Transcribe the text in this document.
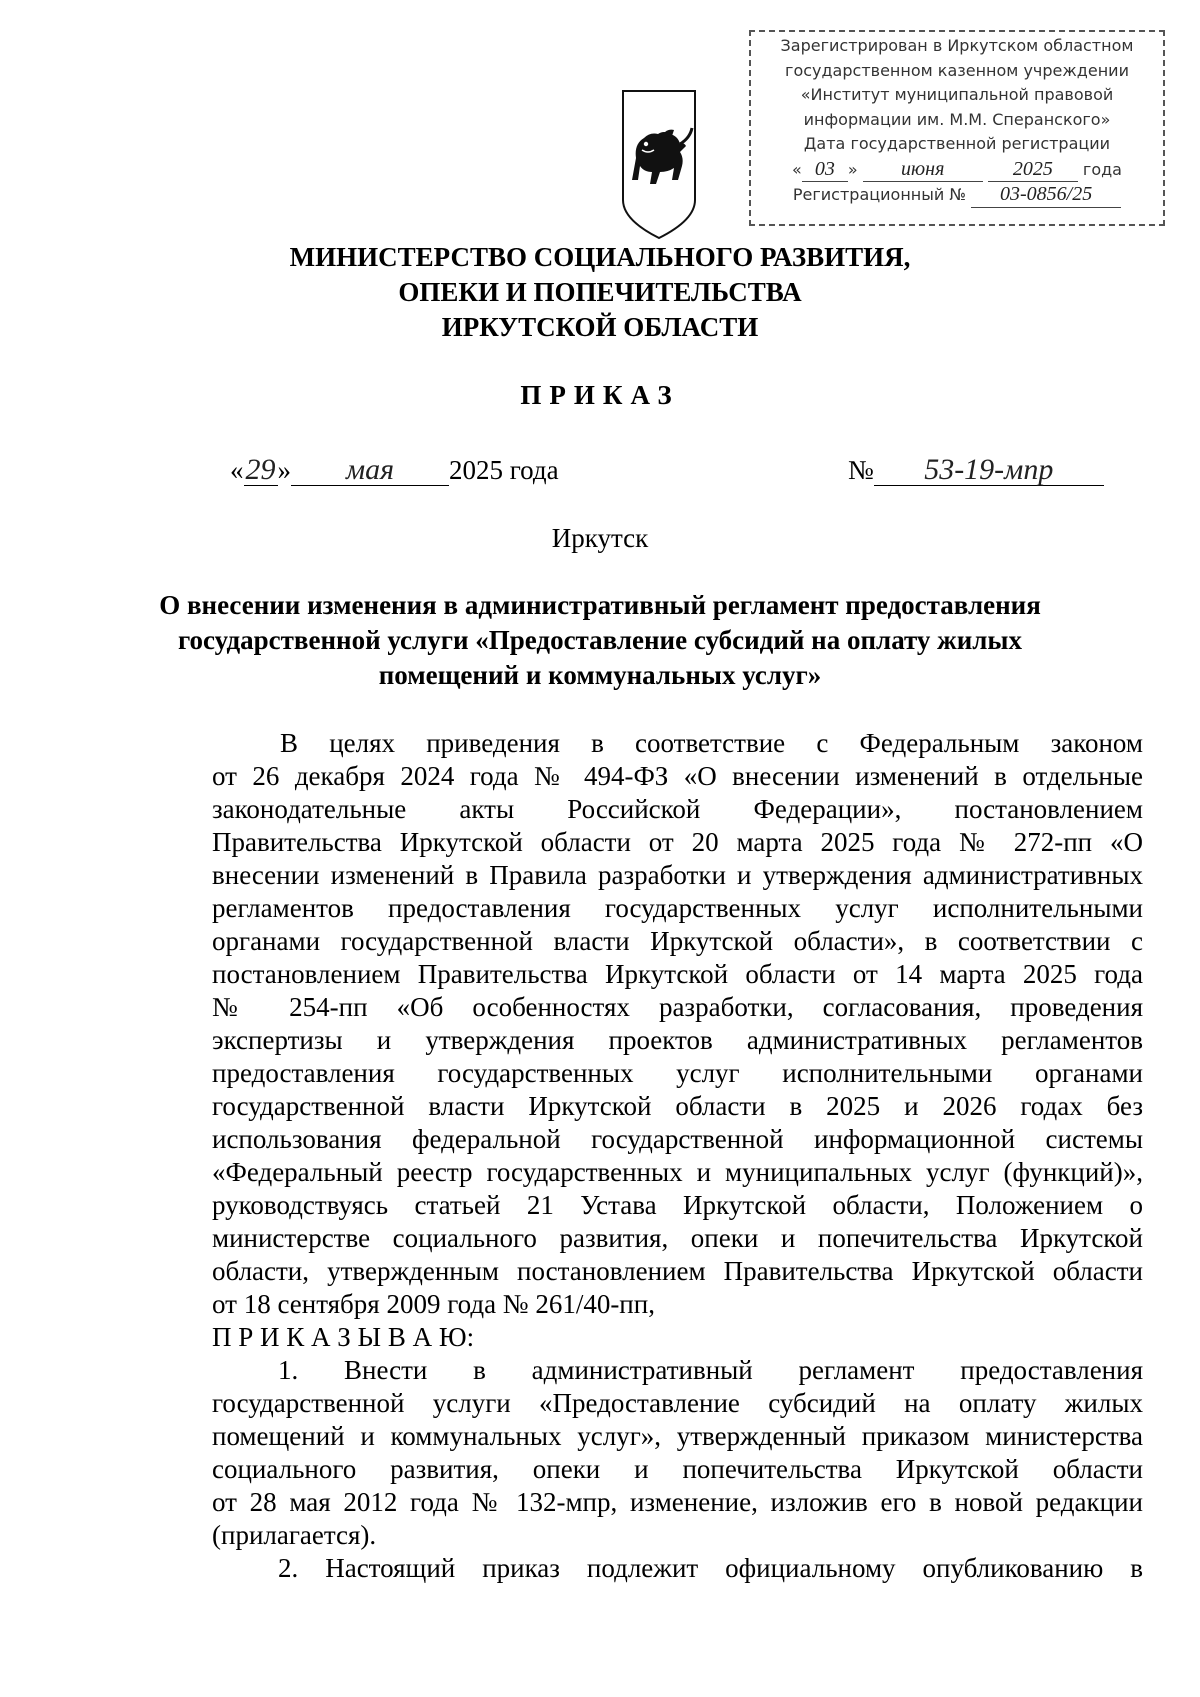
Зарегистрирован в Иркутском областном
государственном казенном учреждении
«Институт муниципальной правовой
информации им. М.М. Сперанского»
Дата государственной регистрации
« 03 » июня	2025 года
Регистрационный № 03-0856/25
МИНИСТЕРСТВО СОЦИАЛЬНОГО РАЗВИТИЯ,
ОПЕКИ И ПОПЕЧИТЕЛЬСТВА
ИРКУТСКОЙ ОБЛАСТИ
ПРИКАЗ
«29» мая 2025 года	№ 53-19-мпр
Иркутск
О внесении изменения в административный регламент предоставления
государственной услуги «Предоставление субсидий на оплату жилых
помещений и коммунальных услуг»

В целях приведения в соответствие с Федеральным законом

от 26 декабря 2024 года № 494-ФЗ «О внесении изменений в отдельные

законодательные акты Российской Федерации», постановлением

Правительства Иркутской области от 20 марта 2025 года № 272-пп «О

внесении изменений в Правила разработки и утверждения административных

регламентов предоставления государственных услуг исполнительными

органами государственной власти Иркутской области», в соответствии с

постановлением Правительства Иркутской области от 14 марта 2025 года

№ 254-пп «Об особенностях разработки, согласования, проведения

экспертизы и утверждения проектов административных регламентов

предоставления государственных услуг исполнительными органами

государственной власти Иркутской области в 2025 и 2026 годах без

использования федеральной государственной информационной системы

«Федеральный реестр государственных и муниципальных услуг (функций)»,

руководствуясь статьей 21 Устава Иркутской области, Положением о

министерстве социального развития, опеки и попечительства Иркутской

области, утвержденным постановлением Правительства Иркутской области

от 18 сентября 2009 года № 261/40-пп,

П Р И К А З Ы В А Ю:

1. Внести в административный регламент предоставления

государственной услуги «Предоставление субсидий на оплату жилых

помещений и коммунальных услуг», утвержденный приказом министерства

социального развития, опеки и попечительства Иркутской области

от 28 мая 2012 года № 132-мпр, изменение, изложив его в новой редакции

(прилагается).

2. Настоящий приказ подлежит официальному опубликованию в
